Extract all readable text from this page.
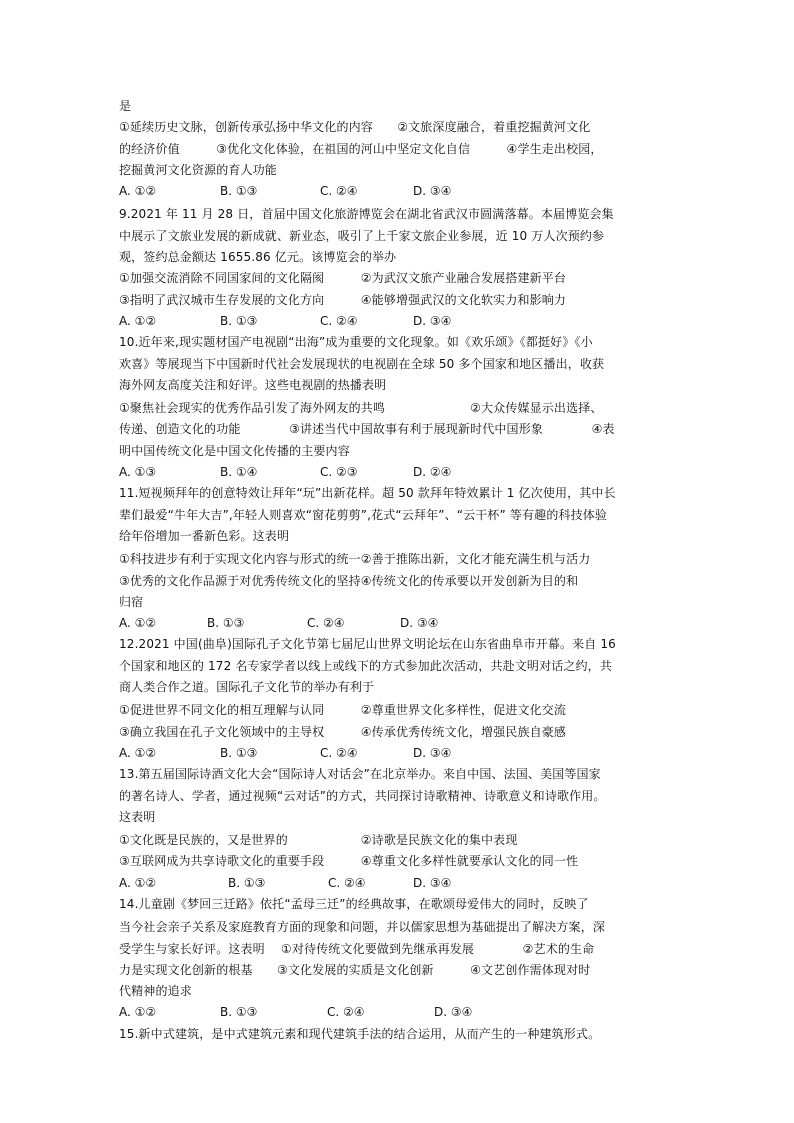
是
①延续历史文脉，创新传承弘扬中华文化的内容　　②文旅深度融合，着重挖掘黄河文化
的经济价值　　　③优化文化体验，在祖国的河山中坚定文化自信　　　④学生走出校园，
挖掘黄河文化资源的育人功能
A. ①②	B. ①③	C. ②④	D. ③④
9.2021 年 11 月 28 日，首届中国文化旅游博览会在湖北省武汉市圆满落幕。本届博览会集
中展示了文旅业发展的新成就、新业态，吸引了上千家文旅企业参展，近 10 万人次预约参
观，签约总金额达 1655.86 亿元。该博览会的举办
①加强交流消除不同国家间的文化隔阂　　　②为武汉文旅产业融合发展搭建新平台
③指明了武汉城市生存发展的文化方向　　　④能够增强武汉的文化软实力和影响力
A. ①②	B. ①③	C. ②④	D. ③④
10.近年来,现实题材国产电视剧“出海”成为重要的文化现象。如《欢乐颂》《都挺好》《小
欢喜》等展现当下中国新时代社会发展现状的电视剧在全球 50 多个国家和地区播出，收获
海外网友高度关注和好评。这些电视剧的热播表明
①聚焦社会现实的优秀作品引发了海外网友的共鸣　　　　　　　②大众传媒显示出选择、
传递、创造文化的功能　　　　③讲述当代中国故事有利于展现新时代中国形象　　　　④表
明中国传统文化是中国文化传播的主要内容
A. ①③	B. ①④	C. ②③	D. ②④
11.短视频拜年的创意特效让拜年“玩”出新花样。超 50 款拜年特效累计 1 亿次使用，其中长
辈们最爱“牛年大吉”,年轻人则喜欢“窗花剪剪”,花式“云拜年”、“云干杯” 等有趣的科技体验
给年俗增加一番新色彩。这表明
①科技进步有利于实现文化内容与形式的统一②善于推陈出新，文化才能充满生机与活力
③优秀的文化作品源于对优秀传统文化的坚持④传统文化的传承要以开发创新为目的和
归宿
A. ①②	B. ①③	C. ②④	D. ③④
12.2021 中国(曲阜)国际孔子文化节第七届尼山世界文明论坛在山东省曲阜市开幕。来自 16
个国家和地区的 172 名专家学者以线上或线下的方式参加此次活动，共赴文明对话之约，共
商人类合作之道。国际孔子文化节的举办有利于
①促进世界不同文化的相互理解与认同　　　②尊重世界文化多样性，促进文化交流
③确立我国在孔子文化领域中的主导权　　　④传承优秀传统文化，增强民族自豪感
A. ①②	B. ①③	C. ②④	D. ③④
13.第五届国际诗酒文化大会“国际诗人对话会”在北京举办。来自中国、法国、美国等国家
的著名诗人、学者，通过视频“云对话”的方式，共同探讨诗歌精神、诗歌意义和诗歌作用。
这表明
①文化既是民族的，又是世界的　　　　　　②诗歌是民族文化的集中表现
③互联网成为共享诗歌文化的重要手段　　　④尊重文化多样性就要承认文化的同一性
A. ①②	B. ①③	C. ②④	D. ③④
14.儿童剧《梦回三迁路》依托“孟母三迁”的经典故事，在歌颂母爱伟大的同时，反映了
当今社会亲子关系及家庭教育方面的现象和问题，并以儒家思想为基础提出了解决方案，深
受学生与家长好评。这表明　 ①对待传统文化要做到先继承再发展　　　　②艺术的生命
力是实现文化创新的根基　　③文化发展的实质是文化创新　　　④文艺创作需体现对时
代精神的追求
A. ①②	B. ①③	C. ②④	D. ③④
15.新中式建筑，是中式建筑元素和现代建筑手法的结合运用，从而产生的一种建筑形式。
